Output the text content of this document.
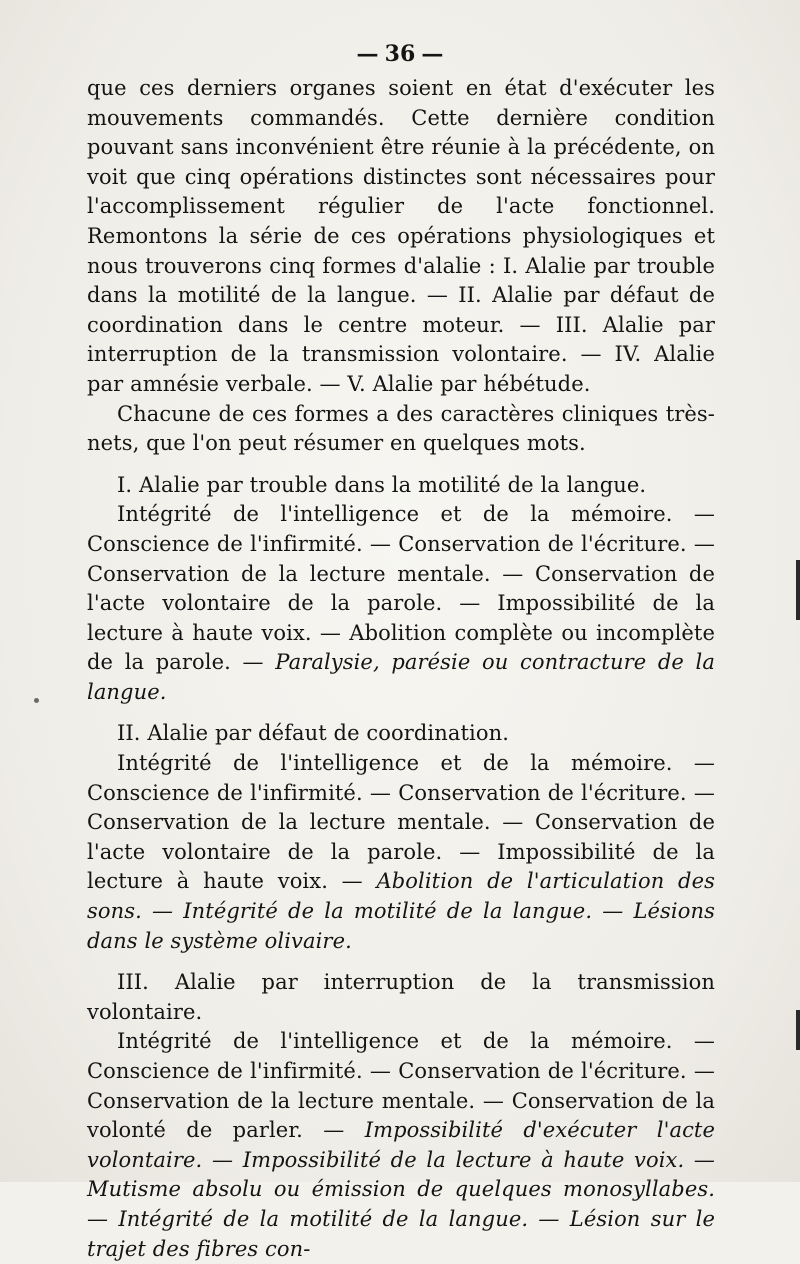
— 36 —

que ces derniers organes soient en état d'exécuter les mouvements commandés. Cette dernière condition pouvant sans inconvénient être réunie à la précédente, on voit que cinq opérations distinctes sont nécessaires pour l'accomplissement régulier de l'acte fonctionnel. Remontons la série de ces opérations physiologiques et nous trouverons cinq formes d'alalie : I. Alalie par trouble dans la motilité de la langue. — II. Alalie par défaut de coordination dans le centre moteur. — III. Alalie par interruption de la transmission volontaire. — IV. Alalie par amnésie verbale. — V. Alalie par hébétude.

Chacune de ces formes a des caractères cliniques très-nets, que l'on peut résumer en quelques mots.

I. Alalie par trouble dans la motilité de la langue.

Intégrité de l'intelligence et de la mémoire. — Conscience de l'infirmité. — Conservation de l'écriture. — Conservation de la lecture mentale. — Conservation de l'acte volontaire de la parole. — Impossibilité de la lecture à haute voix. — Abolition complète ou incomplète de la parole. — Paralysie, parésie ou contracture de la langue.

II. Alalie par défaut de coordination.

Intégrité de l'intelligence et de la mémoire. — Conscience de l'infirmité. — Conservation de l'écriture. — Conservation de la lecture mentale. — Conservation de l'acte volontaire de la parole. — Impossibilité de la lecture à haute voix. — Abolition de l'articulation des sons. — Intégrité de la motilité de la langue. — Lésions dans le système olivaire.

III. Alalie par interruption de la transmission volontaire.

Intégrité de l'intelligence et de la mémoire. — Conscience de l'infirmité. — Conservation de l'écriture. — Conservation de la lecture mentale. — Conservation de la volonté de parler. — Impossibilité d'exécuter l'acte volontaire. — Impossibilité de la lecture à haute voix. — Mutisme absolu ou émission de quelques monosyllabes. — Intégrité de la motilité de la langue. — Lésion sur le trajet des fibres con-
